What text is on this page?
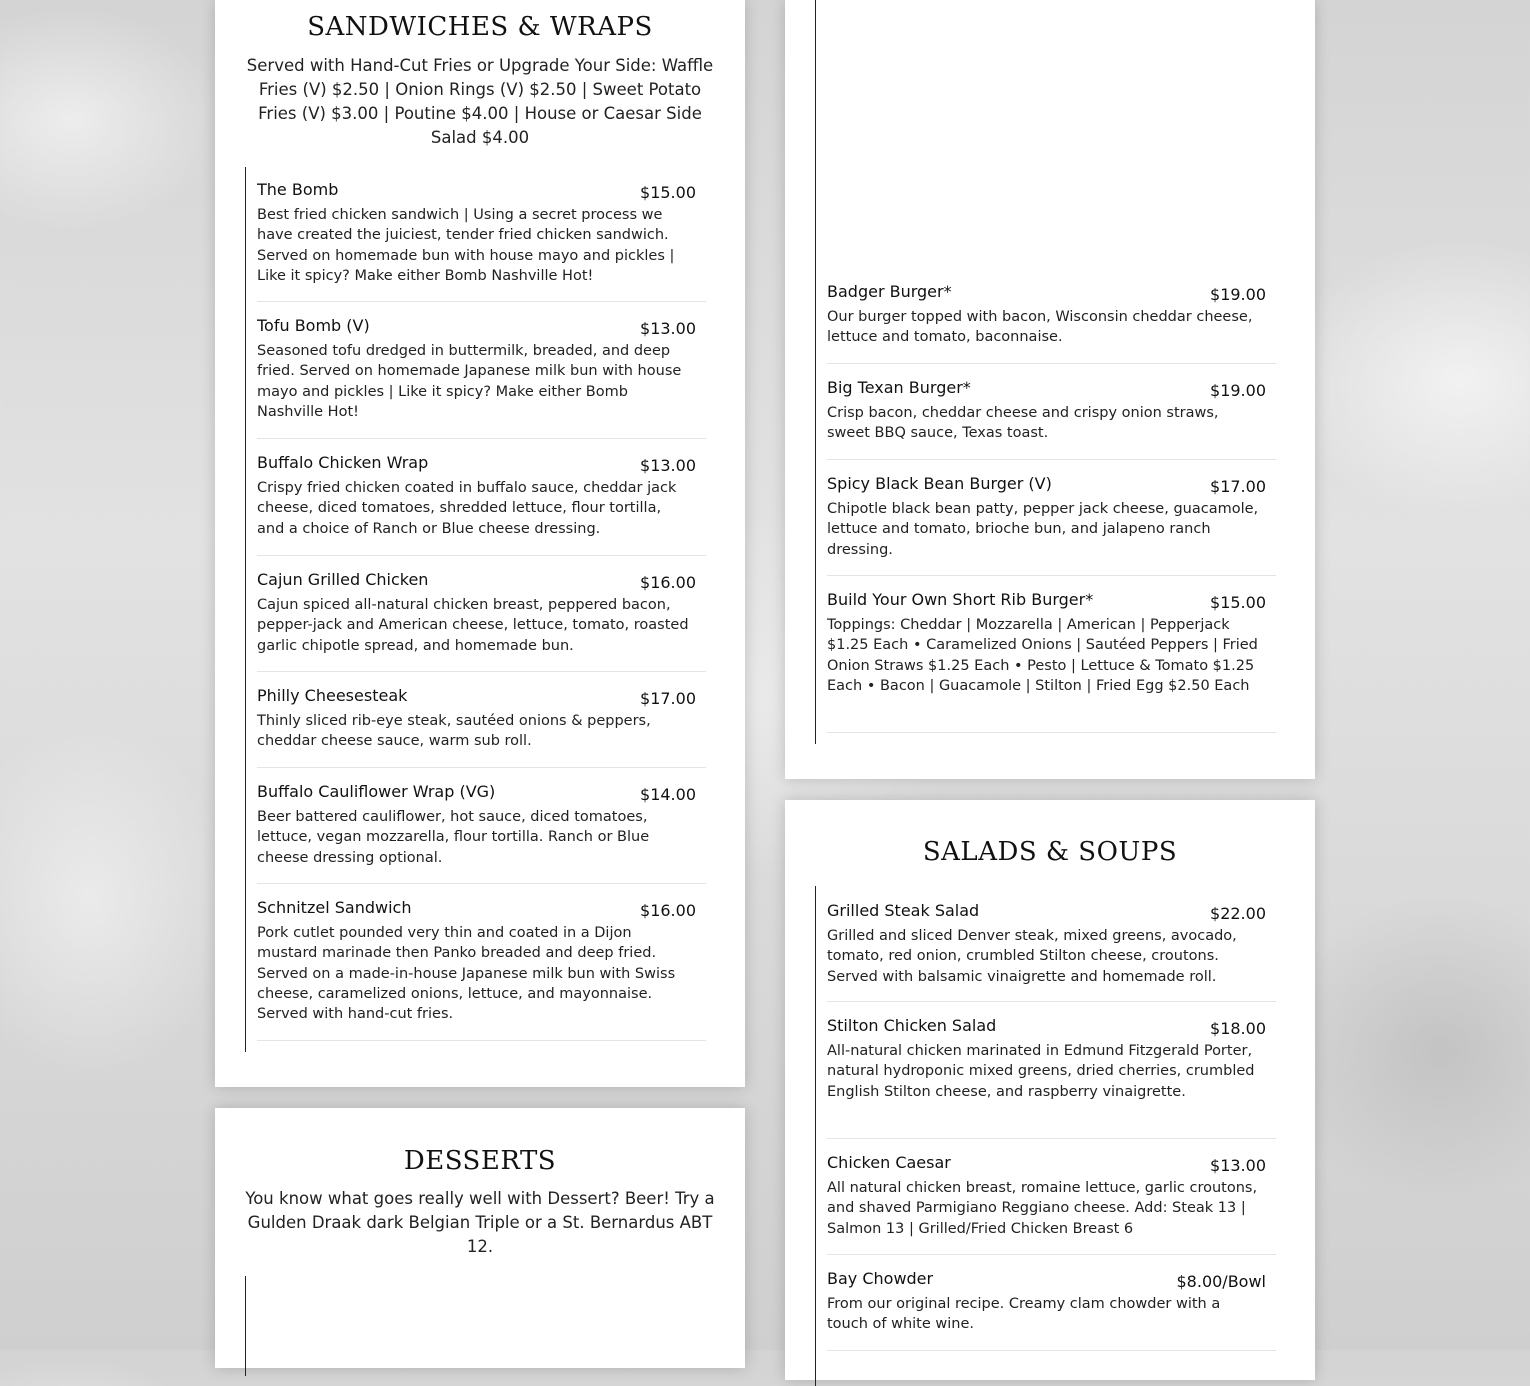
SANDWICHES & WRAPS

Served with Hand-Cut Fries or Upgrade Your Side: Waffle Fries (V) $2.50 | Onion Rings (V) $2.50 | Sweet Potato Fries (V) $3.00 | Poutine $4.00 | House or Caesar Side Salad $4.00

The Bomb	$15.00

Best fried chicken sandwich | Using a secret process we have created the juiciest, tender fried chicken sandwich. Served on homemade bun with house mayo and pickles | Like it spicy? Make either Bomb Nashville Hot!

Tofu Bomb (V)	$13.00

Seasoned tofu dredged in buttermilk, breaded, and deep fried. Served on homemade Japanese milk bun with house mayo and pickles | Like it spicy? Make either Bomb Nashville Hot!

Buffalo Chicken Wrap	$13.00

Crispy fried chicken coated in buffalo sauce, cheddar jack cheese, diced tomatoes, shredded lettuce, flour tortilla, and a choice of Ranch or Blue cheese dressing.

Cajun Grilled Chicken	$16.00

Cajun spiced all-natural chicken breast, peppered bacon, pepper-jack and American cheese, lettuce, tomato, roasted garlic chipotle spread, and homemade bun.

Philly Cheesesteak	$17.00

Thinly sliced rib-eye steak, sautéed onions & peppers, cheddar cheese sauce, warm sub roll.

Buffalo Cauliflower Wrap (VG)	$14.00

Beer battered cauliflower, hot sauce, diced tomatoes, lettuce, vegan mozzarella, flour tortilla. Ranch or Blue cheese dressing optional.

Schnitzel Sandwich	$16.00

Pork cutlet pounded very thin and coated in a Dijon mustard marinade then Panko breaded and deep fried. Served on a made-in-house Japanese milk bun with Swiss cheese, caramelized onions, lettuce, and mayonnaise. Served with hand-cut fries.

DESSERTS

You know what goes really well with Dessert? Beer! Try a Gulden Draak dark Belgian Triple or a St. Bernardus ABT 12.

Badger Burger*	$19.00

Our burger topped with bacon, Wisconsin cheddar cheese, lettuce and tomato, baconnaise.

Big Texan Burger*	$19.00

Crisp bacon, cheddar cheese and crispy onion straws, sweet BBQ sauce, Texas toast.

Spicy Black Bean Burger (V)	$17.00

Chipotle black bean patty, pepper jack cheese, guacamole, lettuce and tomato, brioche bun, and jalapeno ranch dressing.

Build Your Own Short Rib Burger*	$15.00

Toppings: Cheddar | Mozzarella | American | Pepperjack $1.25 Each • Caramelized Onions | Sautéed Peppers | Fried Onion Straws $1.25 Each • Pesto | Lettuce & Tomato $1.25 Each • Bacon | Guacamole | Stilton | Fried Egg $2.50 Each

SALADS & SOUPS
Grilled Steak Salad	$22.00

Grilled and sliced Denver steak, mixed greens, avocado, tomato, red onion, crumbled Stilton cheese, croutons. Served with balsamic vinaigrette and homemade roll.

Stilton Chicken Salad	$18.00

All-natural chicken marinated in Edmund Fitzgerald Porter, natural hydroponic mixed greens, dried cherries, crumbled English Stilton cheese, and raspberry vinaigrette.

Chicken Caesar	$13.00

All natural chicken breast, romaine lettuce, garlic croutons, and shaved Parmigiano Reggiano cheese. Add: Steak 13 | Salmon 13 | Grilled/Fried Chicken Breast 6

Bay Chowder	$8.00/Bowl

From our original recipe. Creamy clam chowder with a touch of white wine.
